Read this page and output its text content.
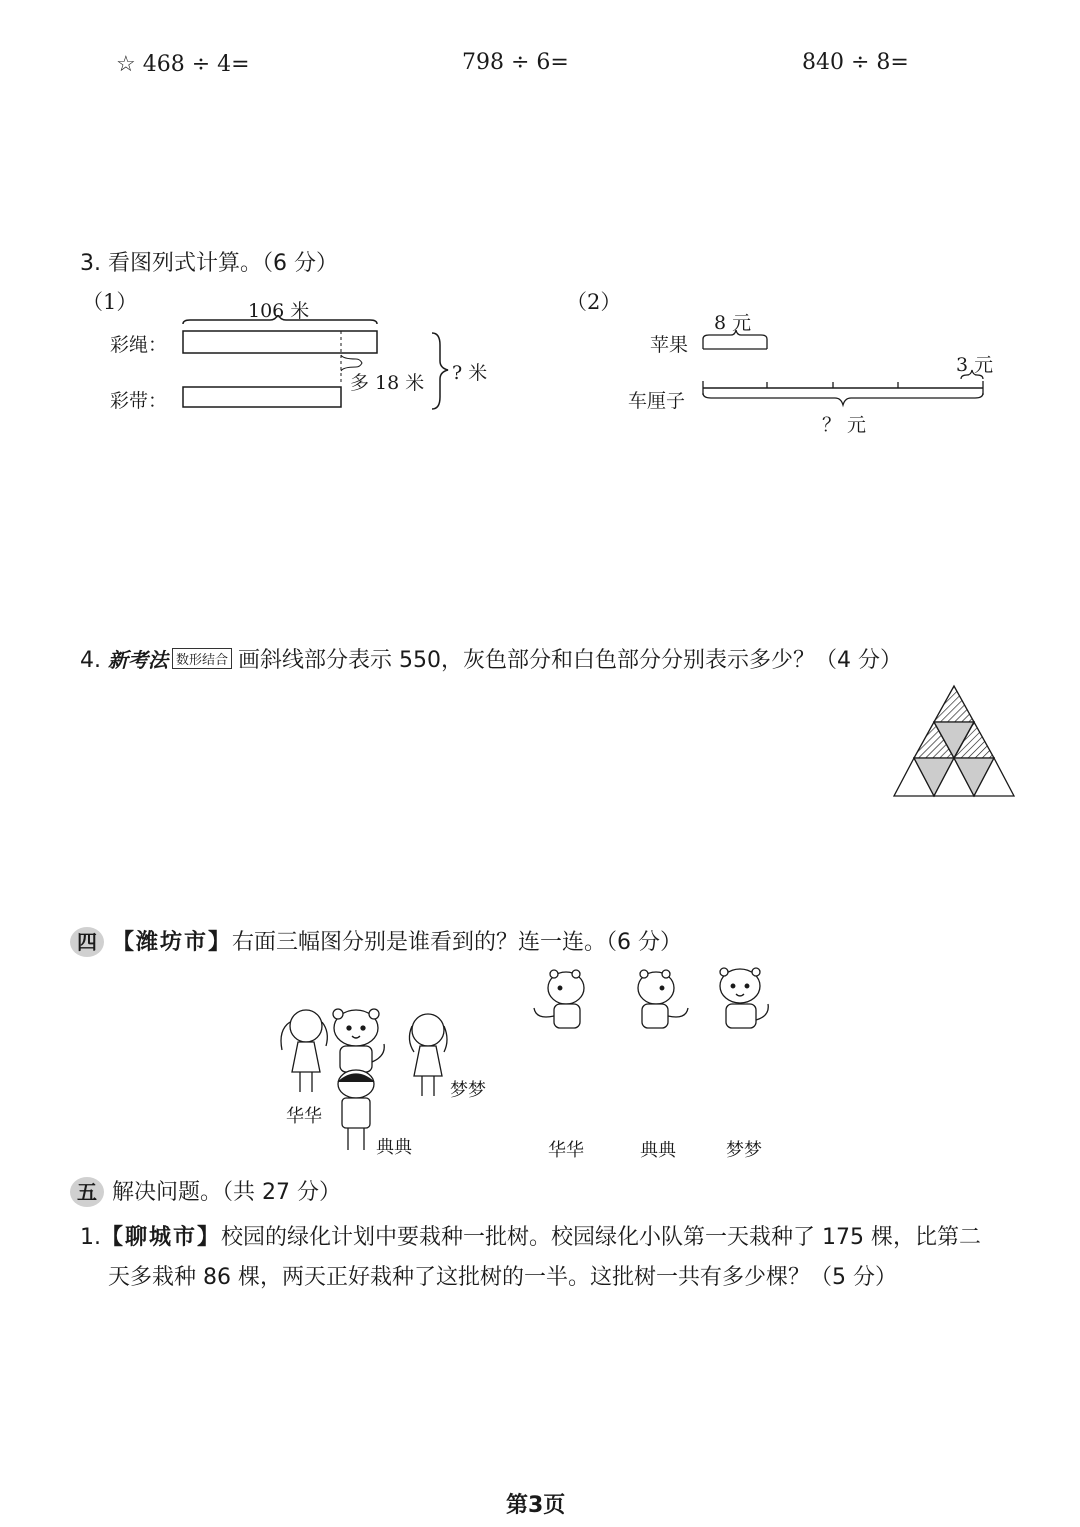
☆ 468 ÷ 4=	798 ÷ 6=	840 ÷ 8=
3. 看图列式计算。（6 分）
（1）	（2）
106 米
彩绳：
彩带：
多 18 米 ? 米
8 元
苹果
3 元
车厘子
？ 元
4. 新考法 数形结合 画斜线部分表示 550，灰色部分和白色部分分别表示多少？（4 分）
四 【潍坊市】右面三幅图分别是谁看到的？连一连。（6 分）
华华
梦梦
典典	华华	典典	梦梦
五 解决问题。（共 27 分）
1.【聊城市】校园的绿化计划中要栽种一批树。校园绿化小队第一天栽种了 175 棵，比第二
天多栽种 86 棵，两天正好栽种了这批树的一半。这批树一共有多少棵？（5 分）
第3页
